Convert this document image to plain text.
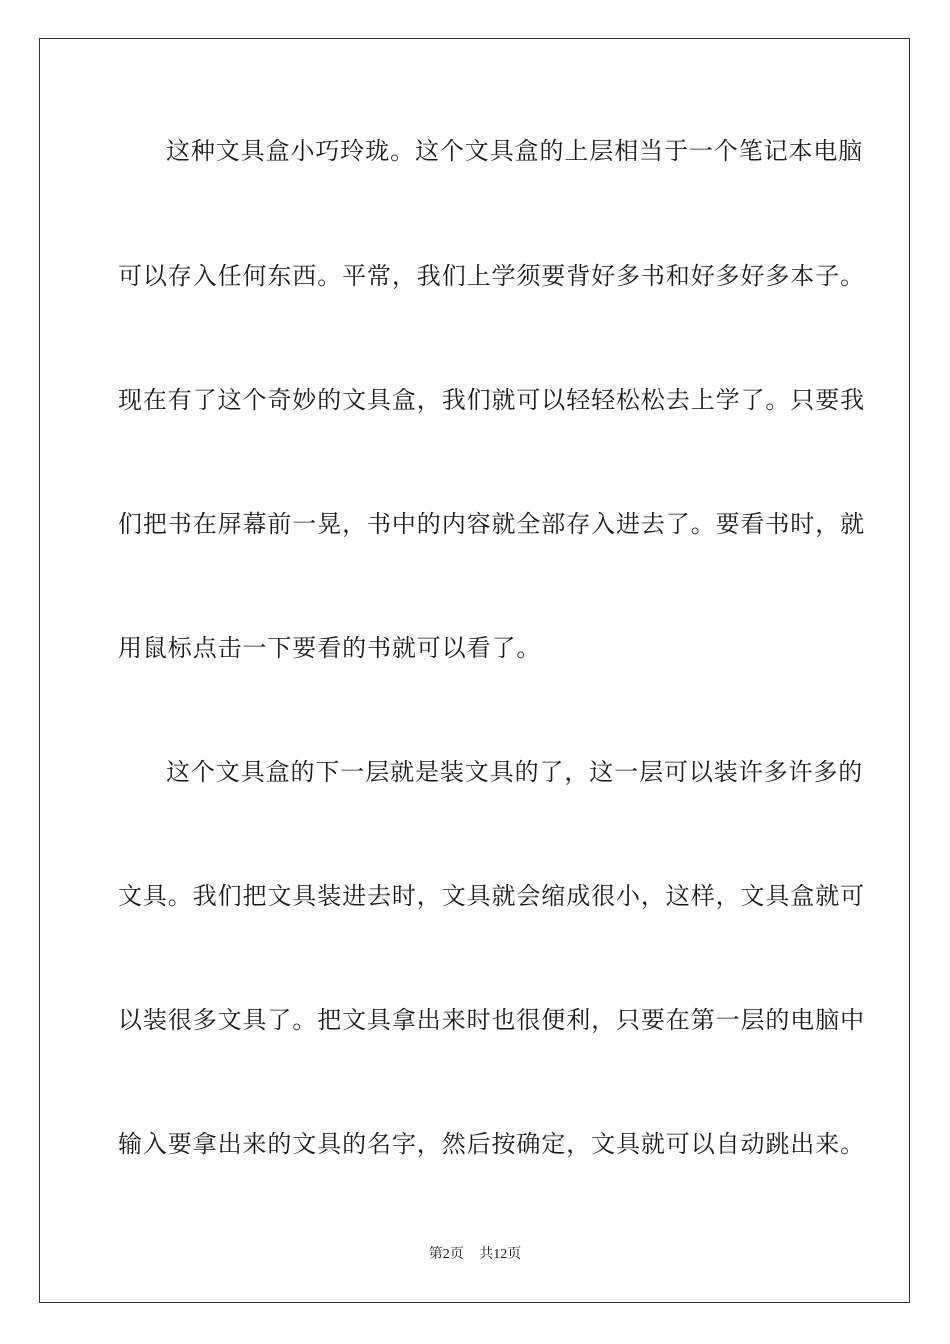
这种文具盒小巧玲珑。这个文具盒的上层相当于一个笔记本电脑
可以存入任何东西。平常，我们上学须要背好多书和好多好多本子。
现在有了这个奇妙的文具盒，我们就可以轻轻松松去上学了。只要我
们把书在屏幕前一晃，书中的内容就全部存入进去了。要看书时，就
用鼠标点击一下要看的书就可以看了。
这个文具盒的下一层就是装文具的了，这一层可以装许多许多的
文具。我们把文具装进去时，文具就会缩成很小，这样，文具盒就可
以装很多文具了。把文具拿出来时也很便利，只要在第一层的电脑中
输入要拿出来的文具的名字，然后按确定，文具就可以自动跳出来。
第2页 共12页
